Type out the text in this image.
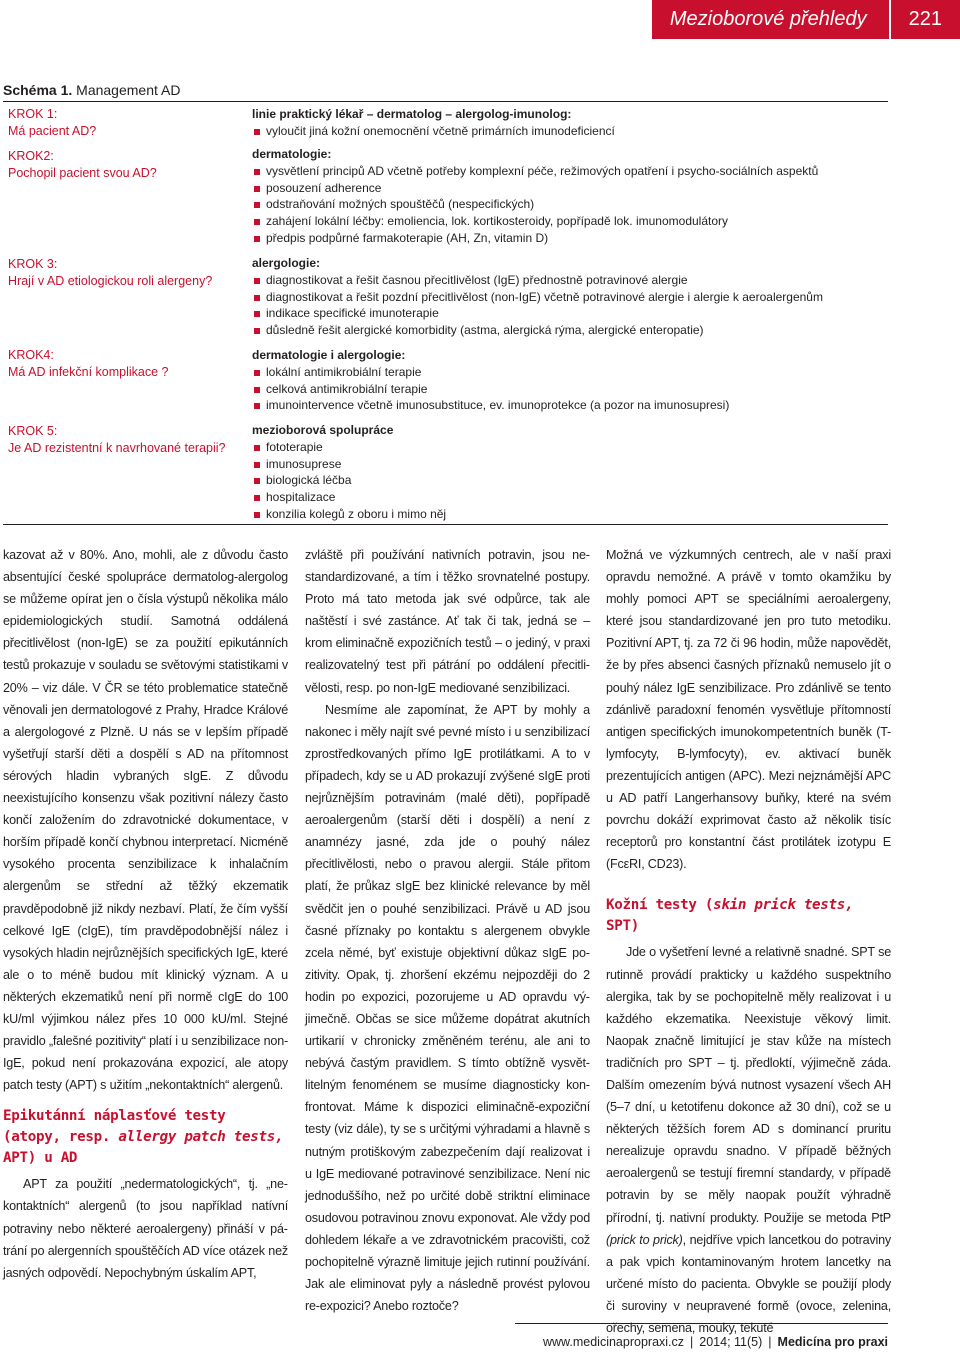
Mezioborové přehledy	221
Schéma 1. Management AD
KROK 1:
Má pacient AD?
KROK2:
Pochopil pacient svou AD?
KROK 3:
Hrají v AD etiologickou roli alergeny?
KROK4:
Má AD infekční komplikace ?
KROK 5:
Je AD rezistentní k navrhované terapii?
linie praktický lékař – dermatolog – alergolog-imunolog:
vyloučit jiná kožní onemocnění včetně primárních imunodeficiencí
dermatologie:
vysvětlení principů AD včetně potřeby komplexní péče, režimových opatření i psycho-sociálních aspektů
posouzení adherence
odstraňování možných spouštěčů (nespecifických)
zahájení lokální léčby: emoliencia, lok. kortikosteroidy, popřípadě lok. imunomodulátory
předpis podpůrné farmakoterapie (AH, Zn, vitamin D)
alergologie:
diagnostikovat a řešit časnou přecitlivělost (IgE) přednostně potravinové alergie
diagnostikovat a řešit pozdní přecitlivělost (non-IgE) včetně potravinové alergie i alergie k aeroalergenům
indikace specifické imunoterapie
důsledně řešit alergické komorbidity (astma, alergická rýma, alergické enteropatie)
dermatologie i alergologie:
lokální antimikrobiální terapie
celková antimikrobiální terapie
imunointervence včetně imunosubstituce, ev. imunoprotekce (a pozor na imunosupresi)
mezioborová spolupráce
fototerapie
imunosuprese
biologická léčba
hospitalizace
konzilia kolegů z oboru i mimo něj

kazovat až v 80%. Ano, mohli, ale z důvodu často absentující české spolupráce dermatolog-alergolog se můžeme opírat jen o čísla výstupů několika málo epidemiologických studií. Samotná oddálená přecitlivělost (non-IgE) se za použití epikutánních testů prokazuje v souladu se světovými statistikami v 20% – viz dále. V ČR se této problematice statečně věnovali jen dermatologové z Prahy, Hradce Králové a alergologové z Plzně. U nás se v lepším případě vyšetřují starší děti a dospělí s AD na přítomnost sérových hladin vybraných sIgE. Z důvodu neexistujícího konsenzu však pozitivní nálezy často končí založením do zdravotnické dokumentace, v horším případě končí chybnou interpretací. Nicméně vysokého procenta senzibilizace k inhalačním alergenům se střední až těžký ekzematik pravděpodobně již nikdy nezbaví. Platí, že čím vyšší celkové IgE (cIgE), tím pravděpodobnější nález i vysokých hladin nejrůznějších specifických IgE, které ale o to méně budou mít klinický význam. A u některých ekzematiků není při normě cIgE do 100 kU/ml výjimkou nález přes 10 000 kU/ml. Stejné pravidlo „falešné pozitivity“ platí i u senzibilizace non-IgE, pokud není prokazována expozicí, ale atopy patch testy (APT) s užitím „nekontaktních“ alergenů.

Epikutánní náplasťové testy (atopy, resp. allergy patch tests, APT) u AD

APT za použití „nedermatologických“, tj. „nekontaktních“ alergenů (to jsou například natívní potraviny nebo některé aeroalergeny) přináší v pátrání po alergenních spouštěčích AD více otázek než jasných odpovědí. Nepochybným úskalím APT,

zvláště při používání nativních potravin, jsou nestandardizované, a tím i těžko srovnatelné postupy. Proto má tato metoda jak své odpůrce, tak ale naštěstí i své zastánce. Ať tak či tak, jedná se – krom eliminačně expozičních testů – o jediný, v praxi realizovatelný test při pátrání po oddálení přecitlivělosti, resp. po non-IgE mediované senzibilizaci.

Nesmíme ale zapomínat, že APT by mohly a nakonec i měly najít své pevné místo i u senzibilizací zprostředkovaných přímo IgE protilátkami. A to v případech, kdy se u AD prokazují zvýšené sIgE proti nejrůznějším potravinám (malé děti), popřípadě aeroalergenům (starší děti i dospělí) a není z anamnézy jasné, zda jde o pouhý nález přecitlivělosti, nebo o pravou alergii. Stále přitom platí, že průkaz sIgE bez klinické relevance by měl svědčit jen o pouhé senzibilizaci. Právě u AD jsou časné příznaky po kontaktu s alergenem obvykle zcela němé, byť existuje objektivní důkaz sIgE pozitivity. Opak, tj. zhoršení ekzému nejpozději do 2 hodin po expozici, pozorujeme u AD opravdu výjimečně. Občas se sice můžeme dopátrat akutních urtikarií v chronicky změněném terénu, ale ani to nebývá častým pravidlem. S tímto obtížně vysvětlitelným fenoménem se musíme diagnosticky konfrontovat. Máme k dispozici eliminačně-expoziční testy (viz dále), ty se s určitými výhradami a hlavně s nutným protiškovým zabezpečením dají realizovat i u IgE mediované potravinové senzibilizace. Není nic jednoduššího, než po určité době striktní eliminace osudovou potravinou znovu exponovat. Ale vždy pod dohledem lékaře a ve zdravotnickém pracovišti, což pochopitelně výrazně limituje jejich rutinní používání. Jak ale eliminovat pyly a následně provést pylovou re-expozici? Anebo roztoče?

Možná ve výzkumných centrech, ale v naší praxi opravdu nemožné. A právě v tomto okamžiku by mohly pomoci APT se speciálními aeroalergeny, které jsou standardizované jen pro tuto metodiku. Pozitivní APT, tj. za 72 či 96 hodin, může napovědět, že by přes absenci časných příznaků nemuselo jít o pouhý nález IgE senzibilizace. Pro zdánlivě se tento zdánlivě paradoxní fenomén vysvětluje přítomností antigen specifických imunokompetentních buněk (T-lymfocyty, B-lymfocyty), ev. aktivací buněk prezentujících antigen (APC). Mezi nejznámější APC u AD patří Langerhansovy buňky, které na svém povrchu dokáží exprimovat často až několik tisíc receptorů pro konstantní část protilátek izotypu E (FcεRI, CD23).

Kožní testy (skin prick tests, SPT)

Jde o vyšetření levné a relativně snadné. SPT se rutinně provádí prakticky u každého suspektního alergika, tak by se pochopitelně měly realizovat i u každého ekzematika. Neexistuje věkový limit. Naopak značně limitující je stav kůže na místech tradičních pro SPT – tj. předloktí, výjimečně záda. Dalším omezením bývá nutnost vysazení všech AH (5–7 dní, u ketotifenu dokonce až 30 dní), což se u některých těžších forem AD s dominancí pruritu nerealizuje opravdu snadno. V případě běžných aeroalergenů se testují firemní standardy, v případě potravin by se měly naopak použít výhradně přírodní, tj. nativní produkty. Použije se metoda PtP (prick to prick), nejdříve vpich lancetkou do potraviny a pak vpich kontaminovaným hrotem lancetky na určené místo do pacienta. Obvykle se použijí plody či suroviny v neupravené formě (ovoce, zelenina, ořechy, semena, mouky, tekuté

www.medicinapropraxi.cz | 2014; 11(5) | Medicína pro praxi
